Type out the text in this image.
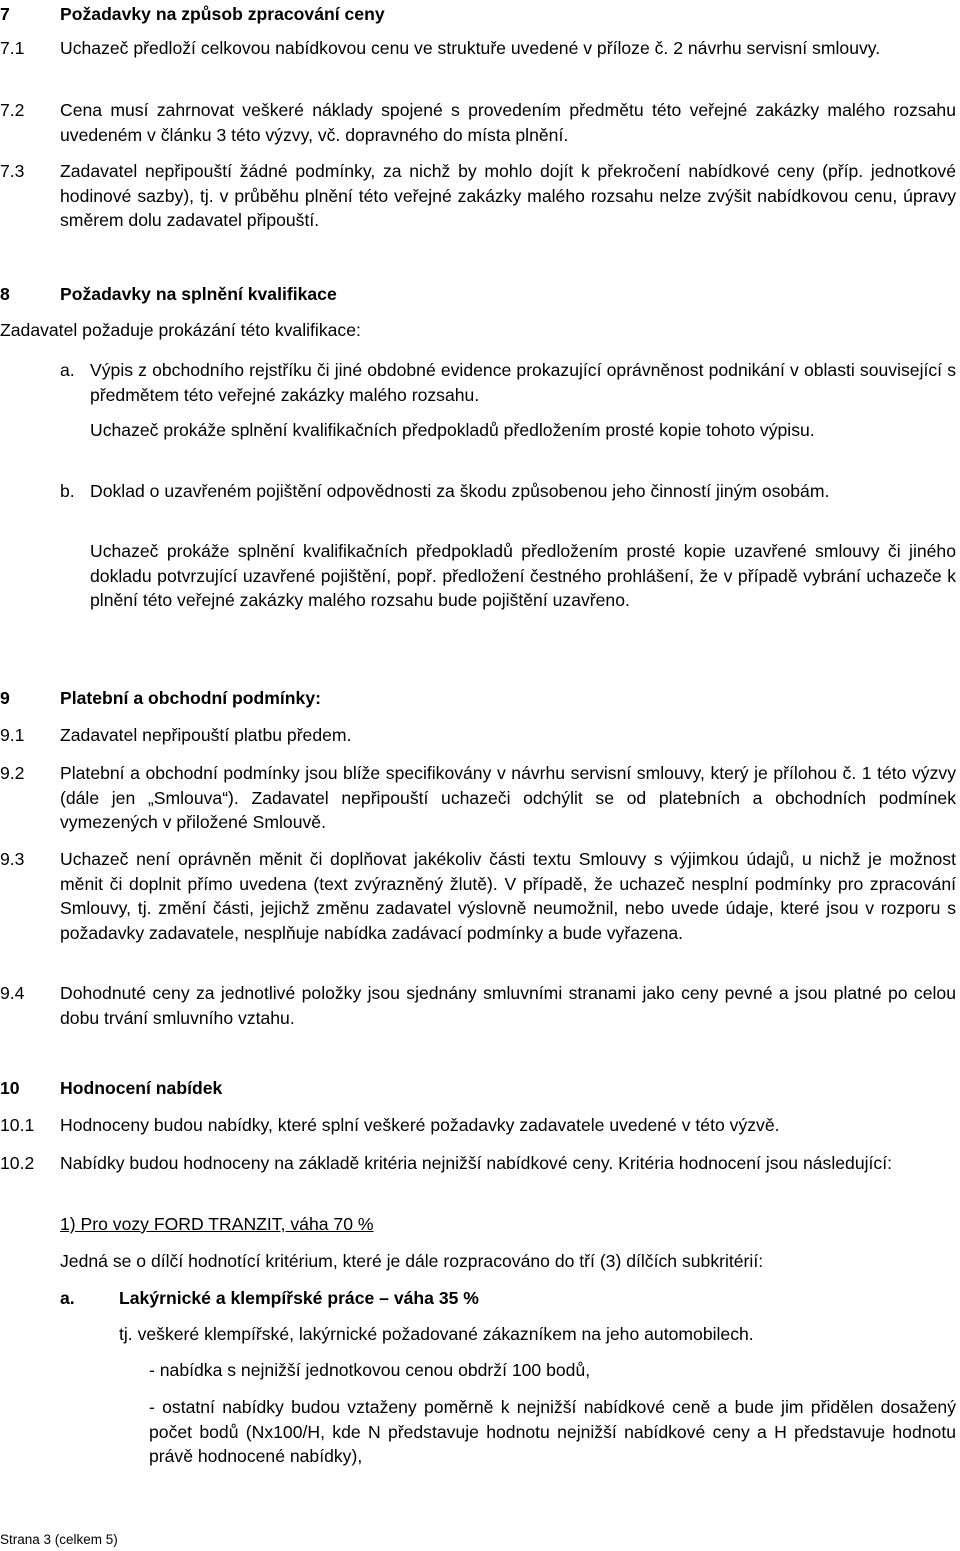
7	Požadavky na způsob zpracování ceny
7.1	Uchazeč předloží celkovou nabídkovou cenu ve struktuře uvedené v příloze č. 2 návrhu servisní smlouvy.
7.2	Cena musí zahrnovat veškeré náklady spojené s provedením předmětu této veřejné zakázky malého rozsahu uvedeném v článku 3 této výzvy, vč. dopravného do místa plnění.
7.3	Zadavatel nepřipouští žádné podmínky, za nichž by mohlo dojít k překročení nabídkové ceny (příp. jednotkové hodinové sazby), tj. v průběhu plnění této veřejné zakázky malého rozsahu nelze zvýšit nabídkovou cenu, úpravy směrem dolu zadavatel připouští.
8	Požadavky na splnění kvalifikace
Zadavatel požaduje prokázání této kvalifikace:
a. Výpis z obchodního rejstříku či jiné obdobné evidence prokazující oprávněnost podnikání v oblasti související s předmětem této veřejné zakázky malého rozsahu.
Uchazeč prokáže splnění kvalifikačních předpokladů předložením prosté kopie tohoto výpisu.
b. Doklad o uzavřeném pojištění odpovědnosti za škodu způsobenou jeho činností jiným osobám.
Uchazeč prokáže splnění kvalifikačních předpokladů předložením prosté kopie uzavřené smlouvy či jiného dokladu potvrzující uzavřené pojištění, popř. předložení čestného prohlášení, že v případě vybrání uchazeče k plnění této veřejné zakázky malého rozsahu bude pojištění uzavřeno.
9	Platební a obchodní podmínky:
9.1	Zadavatel nepřipouští platbu předem.
9.2	Platební a obchodní podmínky jsou blíže specifikovány v návrhu servisní smlouvy, který je přílohou č. 1 této výzvy (dále jen „Smlouva“). Zadavatel nepřipouští uchazeči odchýlit se od platebních a obchodních podmínek vymezených v přiložené Smlouvě.
9.3	Uchazeč není oprávněn měnit či doplňovat jakékoliv části textu Smlouvy s výjimkou údajů, u nichž je možnost měnit či doplnit přímo uvedena (text zvýrazněný žlutě). V případě, že uchazeč nesplní podmínky pro zpracování Smlouvy, tj. změní části, jejichž změnu zadavatel výslovně neumožnil, nebo uvede údaje, které jsou v rozporu s požadavky zadavatele, nesplňuje nabídka zadávací podmínky a bude vyřazena.
9.4	Dohodnuté ceny za jednotlivé položky jsou sjednány smluvními stranami jako ceny pevné a jsou platné po celou dobu trvání smluvního vztahu.
10 Hodnocení nabídek
10.1	Hodnoceny budou nabídky, které splní veškeré požadavky zadavatele uvedené v této výzvě.
10.2	Nabídky budou hodnoceny na základě kritéria nejnižší nabídkové ceny. Kritéria hodnocení jsou následující:
1) Pro vozy FORD TRANZIT, váha 70 %
Jedná se o dílčí hodnotící kritérium, které je dále rozpracováno do tří (3) dílčích subkritérií:
a.	Lakýrnické a klempířské práce – váha 35 %
tj. veškeré klempířské, lakýrnické požadované zákazníkem na jeho automobilech.
- nabídka s nejnižší jednotkovou cenou obdrží 100 bodů,
- ostatní nabídky budou vztaženy poměrně k nejnižší nabídkové ceně a bude jim přidělen dosažený počet bodů (Nx100/H, kde N představuje hodnotu nejnižší nabídkové ceny a H představuje hodnotu právě hodnocené nabídky),
Strana 3 (celkem 5)
